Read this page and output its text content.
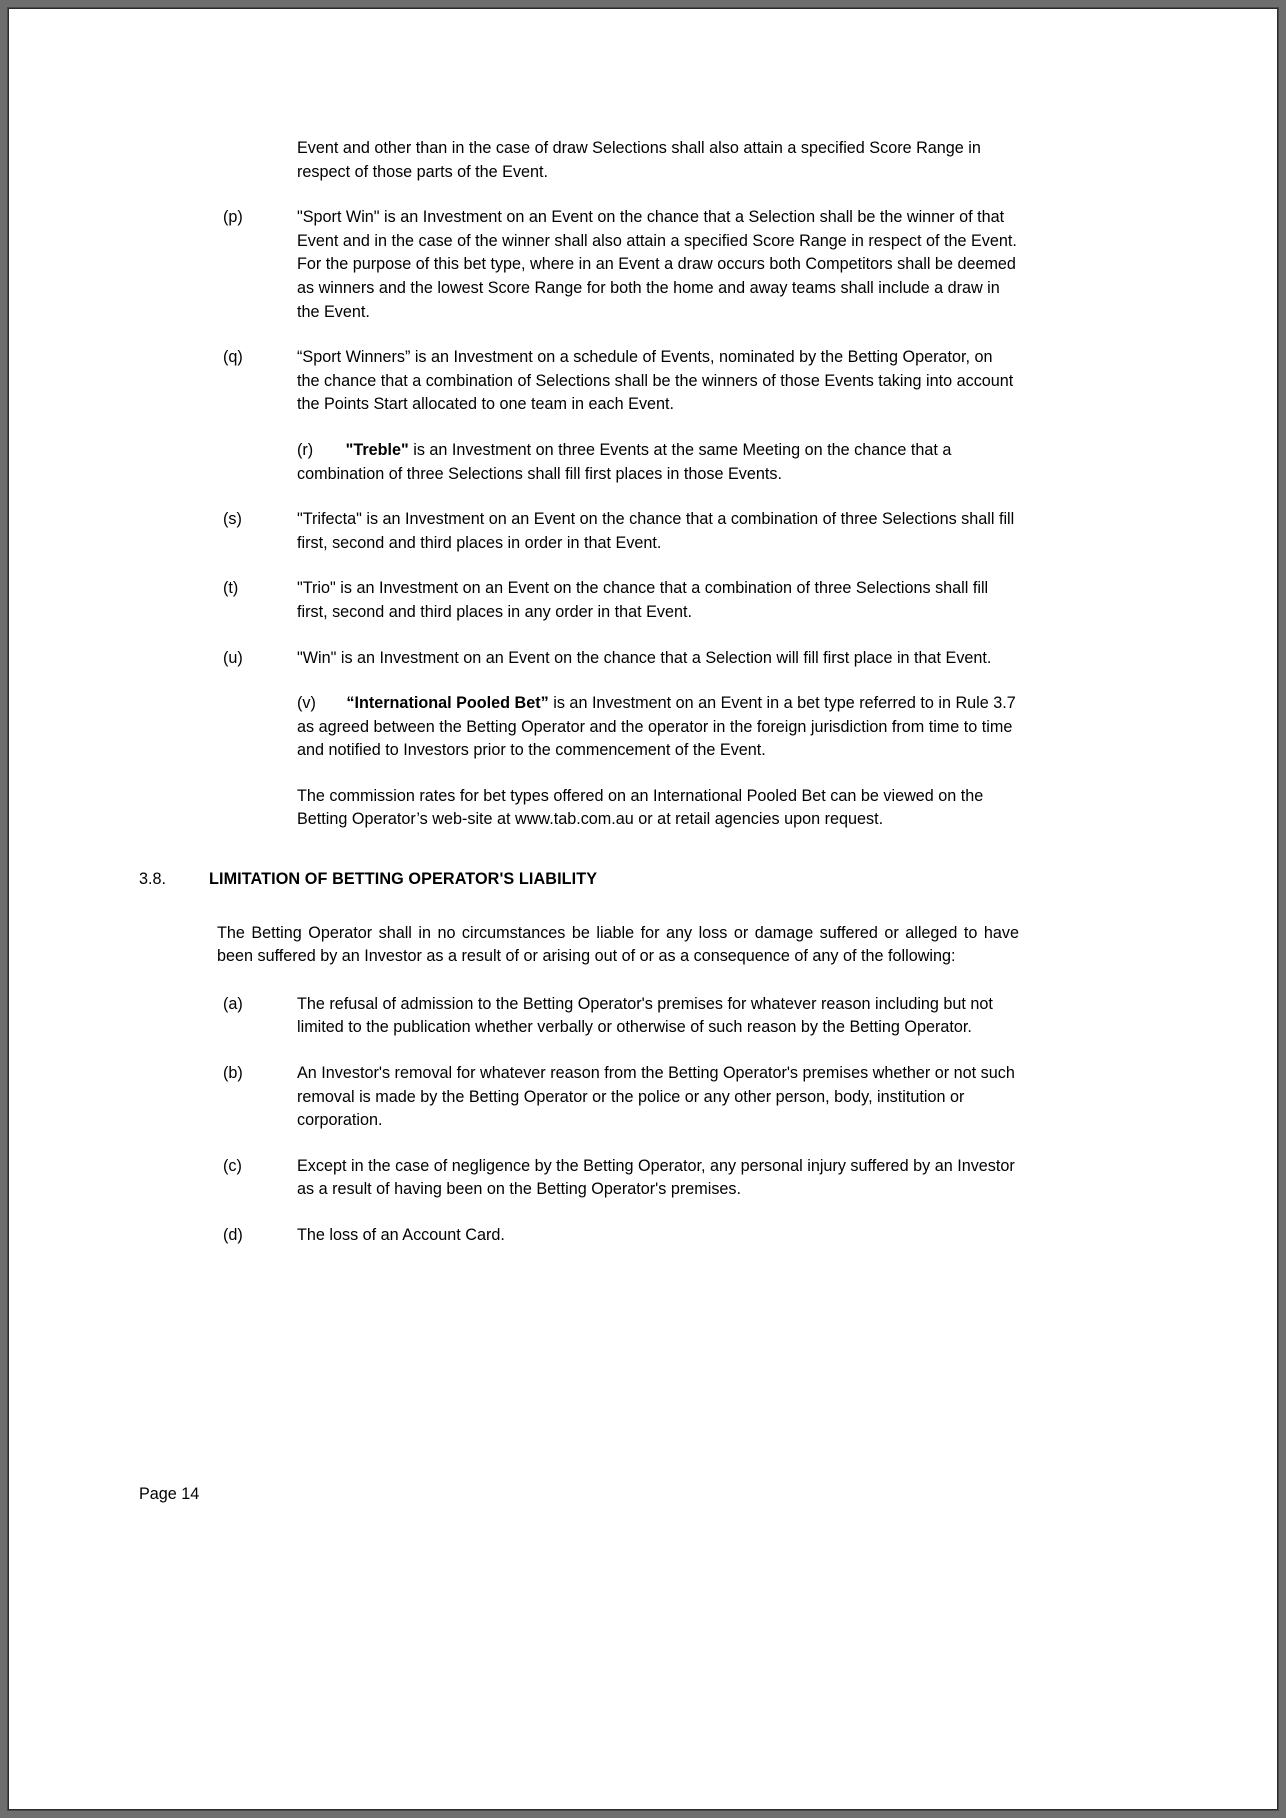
Event and other than in the case of draw Selections shall also attain a specified Score Range in respect of those parts of the Event.
(p)	"Sport Win" is an Investment on an Event on the chance that a Selection shall be the winner of that Event and in the case of the winner shall also attain a specified Score Range in respect of the Event. For the purpose of this bet type, where in an Event a draw occurs both Competitors shall be deemed as winners and the lowest Score Range for both the home and away teams shall include a draw in the Event.
(q)	“Sport Winners” is an Investment on a schedule of Events, nominated by the Betting Operator, on the chance that a combination of Selections shall be the winners of those Events taking into account the Points Start allocated to one team in each Event.
(r) "Treble" is an Investment on three Events at the same Meeting on the chance that a combination of three Selections shall fill first places in those Events.
(s)	"Trifecta" is an Investment on an Event on the chance that a combination of three Selections shall fill first, second and third places in order in that Event.
(t)	"Trio" is an Investment on an Event on the chance that a combination of three Selections shall fill first, second and third places in any order in that Event.
(u)	"Win" is an Investment on an Event on the chance that a Selection will fill first place in that Event.
(v) “International Pooled Bet” is an Investment on an Event in a bet type referred to in Rule 3.7 as agreed between the Betting Operator and the operator in the foreign jurisdiction from time to time and notified to Investors prior to the commencement of the Event.
The commission rates for bet types offered on an International Pooled Bet can be viewed on the Betting Operator’s web-site at www.tab.com.au or at retail agencies upon request.
3.8.	LIMITATION OF BETTING OPERATOR'S LIABILITY
The Betting Operator shall in no circumstances be liable for any loss or damage suffered or alleged to have been suffered by an Investor as a result of or arising out of or as a consequence of any of the following:
(a)	The refusal of admission to the Betting Operator's premises for whatever reason including but not limited to the publication whether verbally or otherwise of such reason by the Betting Operator.
(b)	An Investor's removal for whatever reason from the Betting Operator's premises whether or not such removal is made by the Betting Operator or the police or any other person, body, institution or corporation.
(c)	Except in the case of negligence by the Betting Operator, any personal injury suffered by an Investor as a result of having been on the Betting Operator's premises.
(d)	The loss of an Account Card.
Page 14
